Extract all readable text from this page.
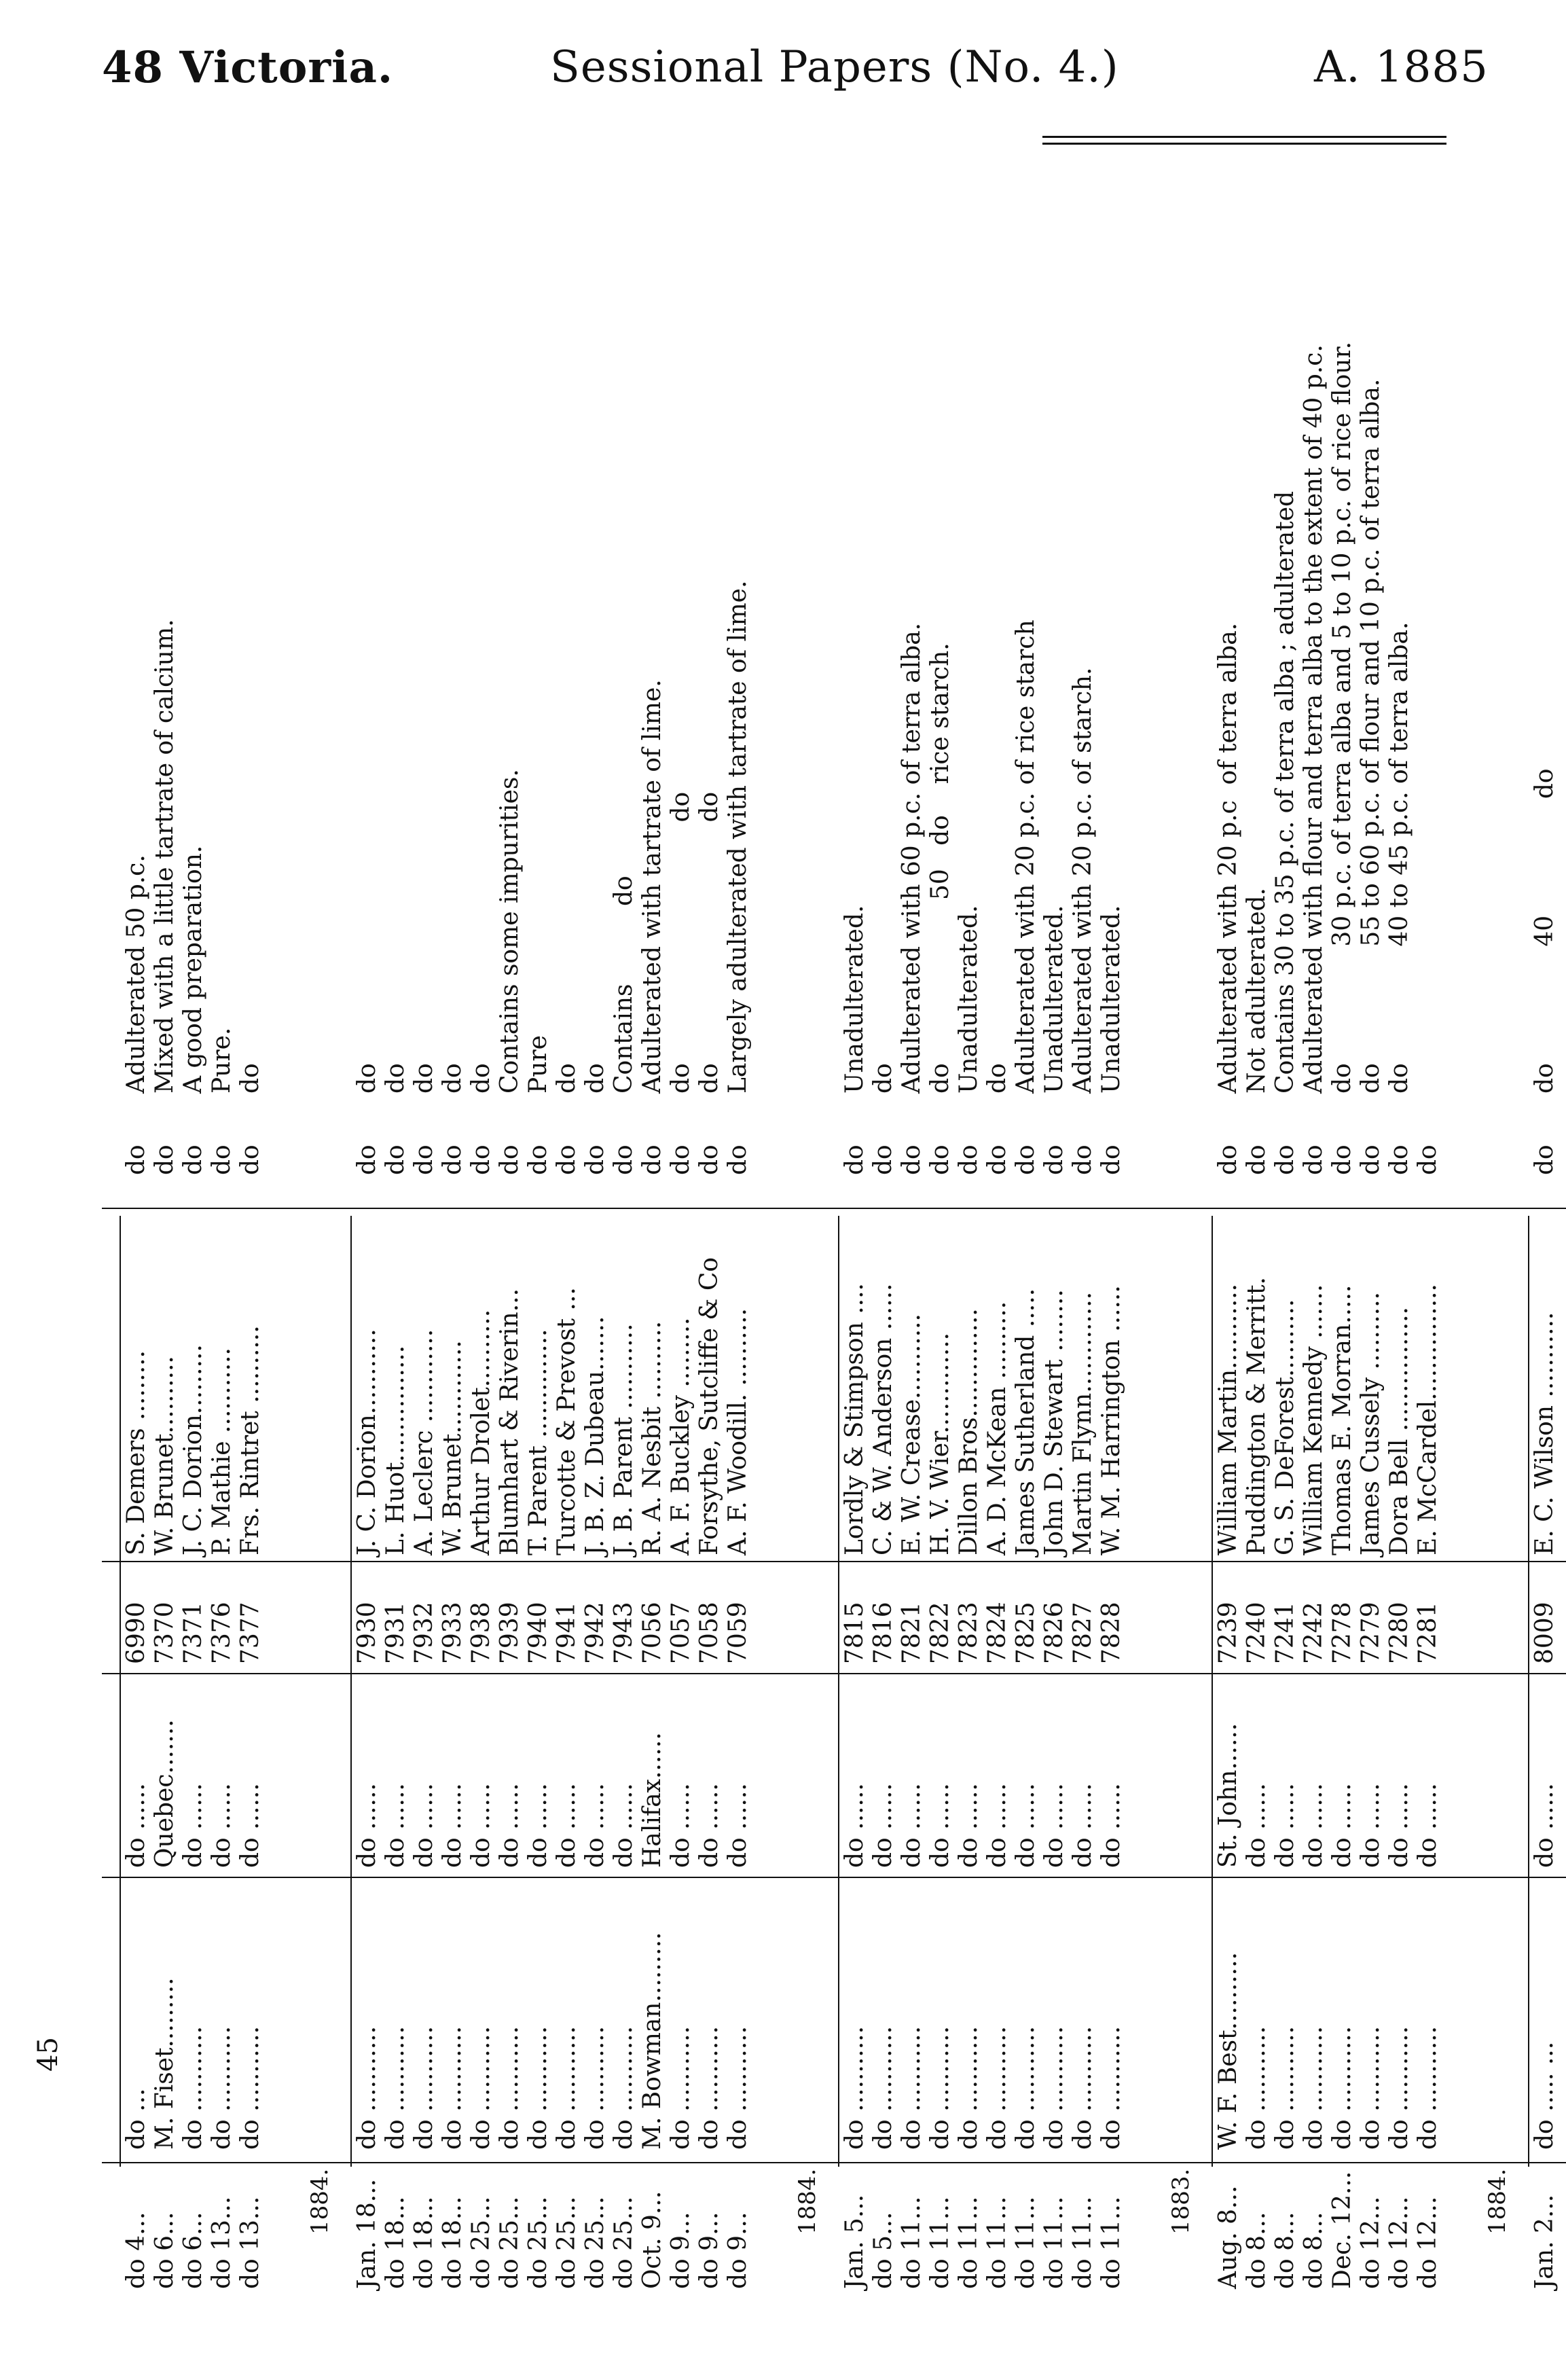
48 Victoria.	Sessional Papers (No. 4.)	A. 1885
45
do 4...
do ...
do ......
6990
S. Demers .........
do
Adulterated 50 p.c.
do 6...
M. Fiset.........
Quebec.......
7370
W. Brunet..........
do
Mixed with a little tartrate of calcium.
do 6...
do ...........
do ......
7371
J. C. Dorion.........
do
A good preparation.
do 13...
do ...........
do ......
7376
P. Mathie ...........
do
Pure.
do 13...
do ...........
do ......
7377
Frs. Rintret ..........
do
do
1884. Jan. 18...
do ...........
do ......
7930
J. C. Dorion...........
do
do
do 18...
do ...........
do ......
7931
L. Huot...............
do
do
do 18...
do ...........
do ......
7932
A. Leclerc ............
do
do
do 18...
do ...........
do ......
7933
W. Brunet............
do
do
do 25...
do ...........
do ......
7938
Arthur Drolet..........
do
do
do 25...
do ...........
do ......
7939
Blumhart & Riverin...
do
Contains some impurities.
do 25...
do ...........
do ......
7940
T. Parent ..............
do
Pure
do 25...
do ...........
do ......
7941
Turcotte & Prevost ...
do
do
do 25...
do ...........
do ......
7942
J. B. Z. Dubeau.......
do
do
do 25...
do ...........
do ......
7943
J. B. Parent ...........
do
Contains          do
Oct. 9...
M. Bowman.........
Halifax......
7056
R. A. Nesbit ..........
do
Adulterated with tartrate of lime.
do 9...
do ...........
do ......
7057
A. F. Buckley .........
do
do                               do
do 9...
do ...........
do ......
7058
Forsythe, Sutcliffe & Co
do
do                               do
do 9...
do ...........
do ......
7059
A. F. Woodill. ..........
do
Largely adulterated with tartrate of lime.
1884. Jan. 5...
do ...........
do ......
7815
Lordly & Stimpson ....
do
Unadulterated.
do 5...
do ...........
do ......
7816
C. & W. Anderson ......
do
do
do 11...
do ...........
do ......
7821
E. W. Crease...........
do
Adulterated with 60 p.c. of terra alba.
do 11...
do ...........
do ......
7822
H. V. Wier.............
do
do                     50   do    rice starch.
do 11...
do ...........
do ......
7823
Dillon Bros..............
do
Unadulterated.
do 11...
do ...........
do ......
7824
A. D. McKean ..........
do
do
do 11...
do ...........
do ......
7825
James Sutherland .....
do
Adulterated with 20 p.c. of rice starch
do 11...
do ...........
do ......
7826
John D. Stewart ........
do
Unadulterated.
do 11...
do ...........
do ......
7827
Martin Flynn.............
do
Adulterated with 20 p.c. of starch.
do 11...
do ...........
do ......
7828
W. M. Harrington ......
do
Unadulterated.
1883. Aug. 8...
W. F. Best..........
St. John......
7239
William Martin...........
do
Adulterated with 20 p.c  of terra alba.
do 8...
do ...........
do ......
7240
Puddington & Merritt.
do
Not adulterated.
do 8...
do ...........
do ......
7241
G. S. DeForest..........
do
Contains 30 to 35 p.c. of terra alba ; adulterated
do 8...
do ...........
do ......
7242
William Kennedy .......
do
Adulterated with flour and terra alba to the extent of 40 p.c.
Dec. 12...
do ...........
do ......
7278
Thomas E. Morran.....
do
do               30 p.c. of terra alba and 5 to 10 p.c. of rice flour.
do 12...
do ...........
do ......
7279
James Cussely ..........
do
do               55 to 60 p.c. of flour and 10 p.c. of terra alba.
do 12...
do ...........
do ......
7280
Dora Bell ................
do
do               40 to 45 p.c. of terra alba.
do 12...
do ...........
do ......
7281
E. McCardel...............
do
1884. Jan. 2...
do ..... ...
do ......
8009
E. C. Wilson ...........
do
do               40               do
